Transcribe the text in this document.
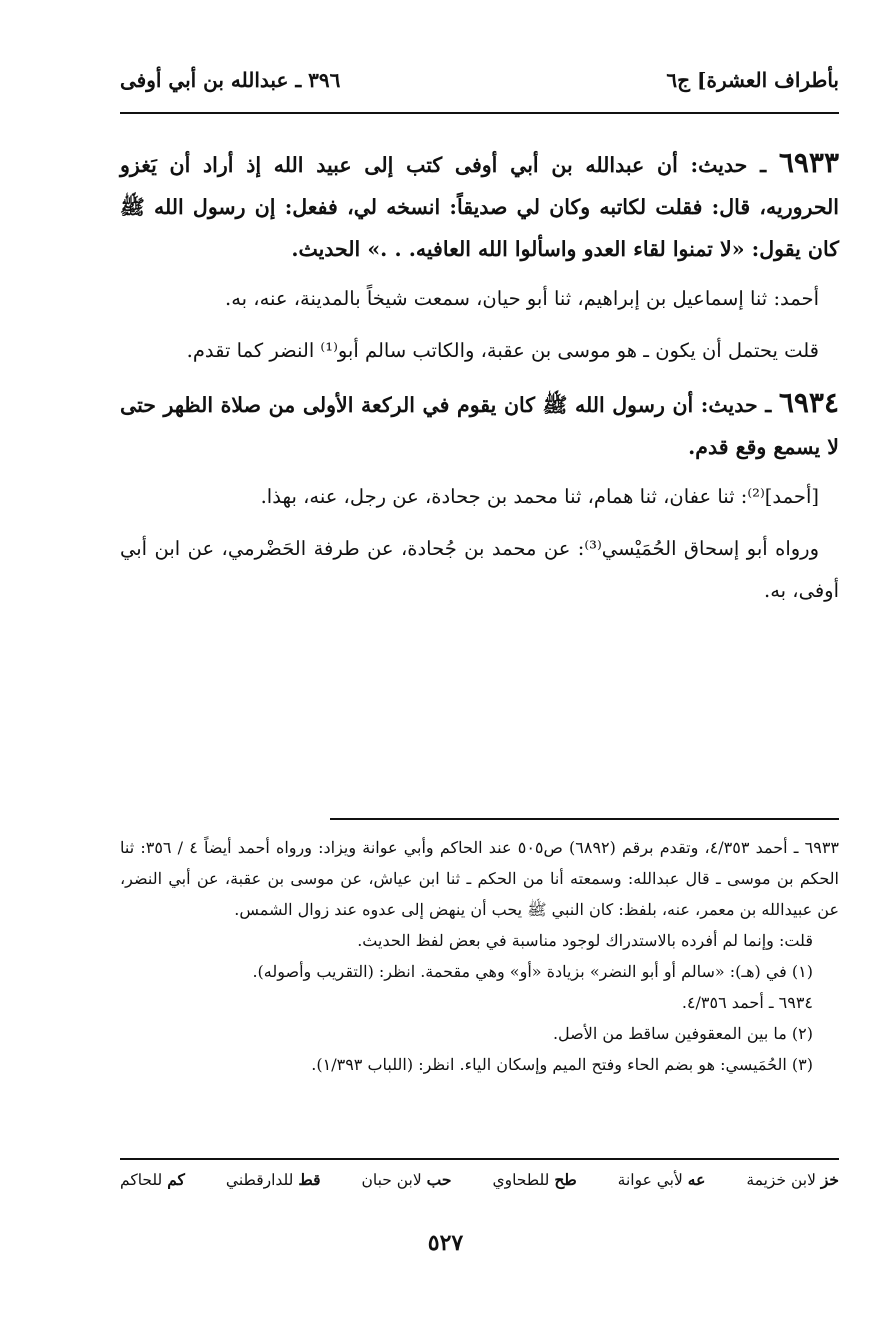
بأطراف العشرة] ج٦
٣٩٦ ـ عبدالله بن أبي أوفى

٦٩٣٣ ـ حديث: أن عبدالله بن أبي أوفى كتب إلى عبيد الله إذ أراد أن يَغزو الحروريه، قال: فقلت لكاتبه وكان لي صديقاً: انسخه لي، ففعل: إن رسول الله ﷺ كان يقول: «لا تمنوا لقاء العدو واسألوا الله العافيه. . .» الحديث.

أحمد: ثنا إسماعيل بن إبراهيم، ثنا أبو حيان، سمعت شيخاً بالمدينة، عنه، به.

قلت يحتمل أن يكون ـ هو موسى بن عقبة، والكاتب سالم أبو⁽¹⁾ النضر كما تقدم.

٦٩٣٤ ـ حديث: أن رسول الله ﷺ كان يقوم في الركعة الأولى من صلاة الظهر حتى لا يسمع وقع قدم.

[أحمد]⁽²⁾: ثنا عفان، ثنا همام، ثنا محمد بن جحادة، عن رجل، عنه، بهذا.

ورواه أبو إسحاق الحُمَيْسي⁽³⁾: عن محمد بن جُحادة، عن طرفة الحَضْرمي، عن ابن أبي أوفى، به.

٦٩٣٣ ـ أحمد ٤/٣٥٣، وتقدم برقم (٦٨٩٢) ص٥٠٥ عند الحاكم وأبي عوانة ويزاد: ورواه أحمد أيضاً ٤ / ٣٥٦: ثنا الحكم بن موسى ـ قال عبدالله: وسمعته أنا من الحكم ـ ثنا ابن عياش، عن موسى بن عقبة، عن أبي النضر، عن عبيدالله بن معمر، عنه، بلفظ: كان النبي ﷺ يحب أن ينهض إلى عدوه عند زوال الشمس.

قلت: وإنما لم أفرده بالاستدراك لوجود مناسبة في بعض لفظ الحديث.

(١) في (هـ): «سالم أو أبو النضر» بزيادة «أو» وهي مقحمة. انظر: (التقريب وأصوله).

٦٩٣٤ ـ أحمد ٤/٣٥٦.

(٢) ما بين المعقوفين ساقط من الأصل.

(٣) الحُمَيسي: هو بضم الحاء وفتح الميم وإسكان الياء. انظر: (اللباب ١/٣٩٣).

خز لابن خزيمة
عه لأبي عوانة
طح للطحاوي
حب لابن حبان
قط للدارقطني
كم للحاكم
٥٢٧
